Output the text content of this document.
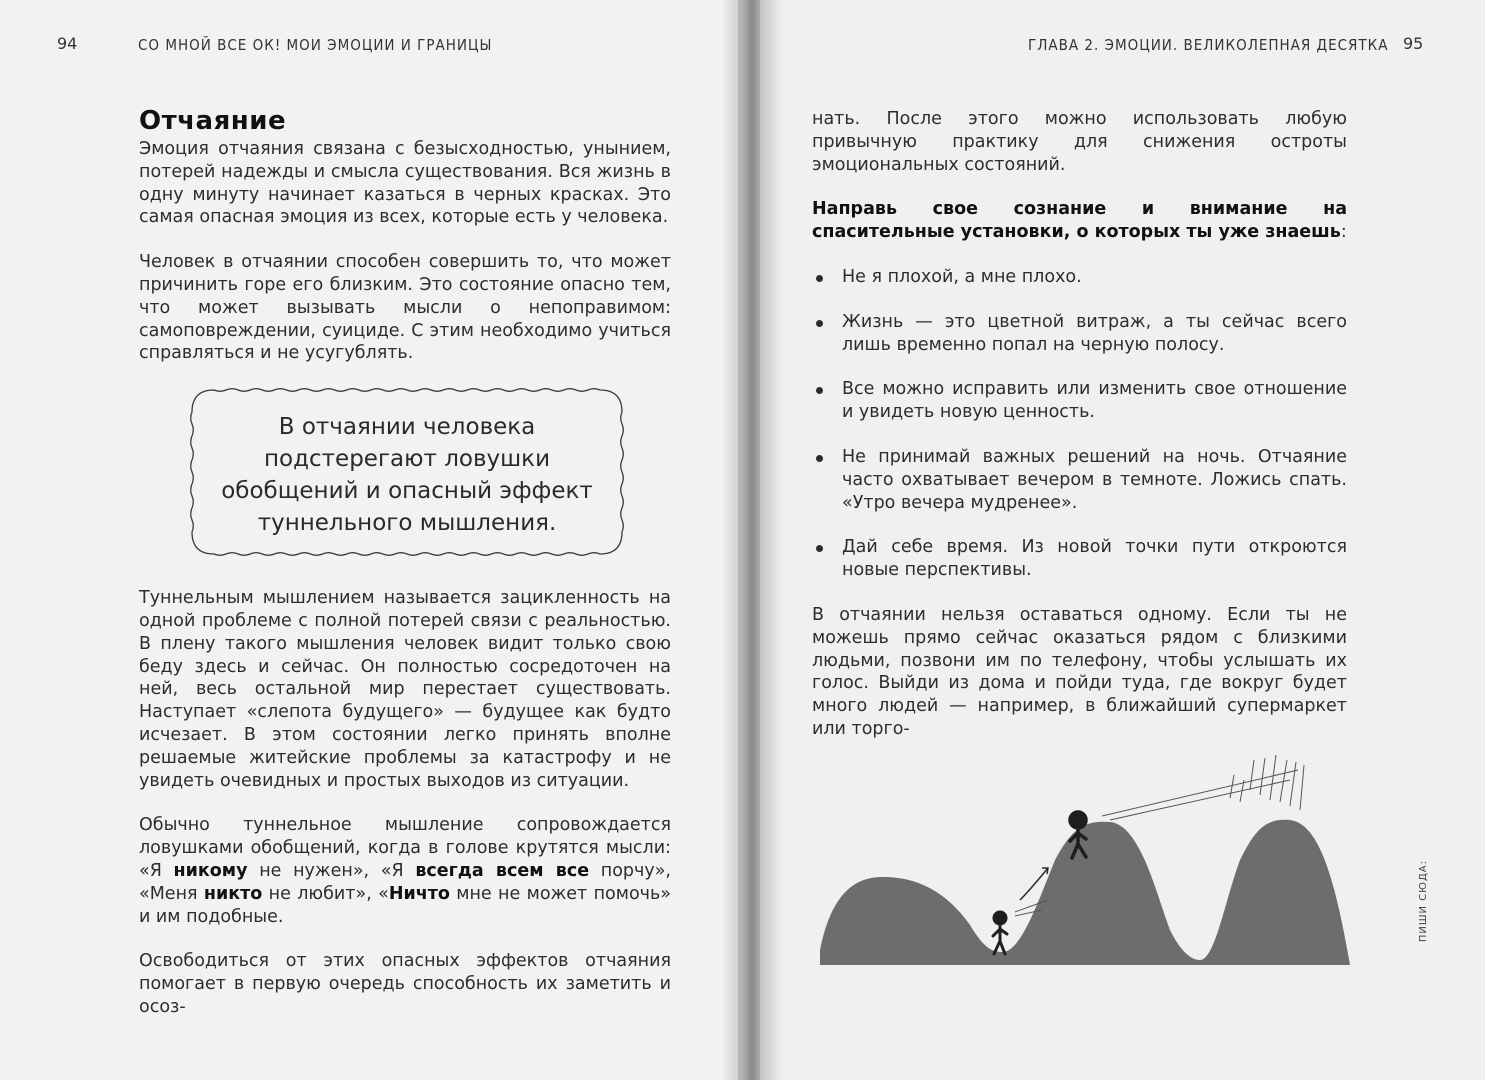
94	СО МНОЙ ВСЕ ОК! МОИ ЭМОЦИИ И ГРАНИЦЫ
Отчаяние

Эмоция отчаяния связана с безысходностью, унынием, потерей надежды и смысла существования. Вся жизнь в одну минуту начинает казаться в черных красках. Это самая опасная эмоция из всех, которые есть у человека.

Человек в отчаянии способен совершить то, что может причинить горе его близким. Это состояние опасно тем, что может вызывать мысли о непоправимом: самоповреждении, суициде. С этим необходимо учиться справляться и не усугублять.

В отчаянии человека подстерегают ловушки обобщений и опасный эффект туннельного мышления.

Туннельным мышлением называется зацикленность на одной проблеме с полной потерей связи с реальностью. В плену такого мышления человек видит только свою беду здесь и сейчас. Он полностью сосредоточен на ней, весь остальной мир перестает существовать. Наступает «слепота будущего» — будущее как будто исчезает. В этом состоянии легко принять вполне решаемые житейские проблемы за катастрофу и не увидеть очевидных и простых выходов из ситуации.

Обычно туннельное мышление сопровождается ловушками обобщений, когда в голове крутятся мысли: «Я никому не нужен», «Я всегда всем все порчу», «Меня никто не любит», «Ничто мне не может помочь» и им подобные.

Освободиться от этих опасных эффектов отчаяния помогает в первую очередь способность их заметить и осоз-

ГЛАВА 2. ЭМОЦИИ. ВЕЛИКОЛЕПНАЯ ДЕСЯТКА 95

нать. После этого можно использовать любую привычную практику для снижения остроты эмоциональных состояний.

Направь свое сознание и внимание на спасительные установки, о которых ты уже знаешь:

Не я плохой, а мне плохо.
Жизнь — это цветной витраж, а ты сейчас всего лишь временно попал на черную полосу.
Все можно исправить или изменить свое отношение и увидеть новую ценность.
Не принимай важных решений на ночь. Отчаяние часто охватывает вечером в темноте. Ложись спать. «Утро вечера мудренее».
Дай себе время. Из новой точки пути откроются новые перспективы.

В отчаянии нельзя оставаться одному. Если ты не можешь прямо сейчас оказаться рядом с близкими людьми, позвони им по телефону, чтобы услышать их голос. Выйди из дома и пойди туда, где вокруг будет много людей — например, в ближайший супермаркет или торго-

ПИШИ СЮДА:
